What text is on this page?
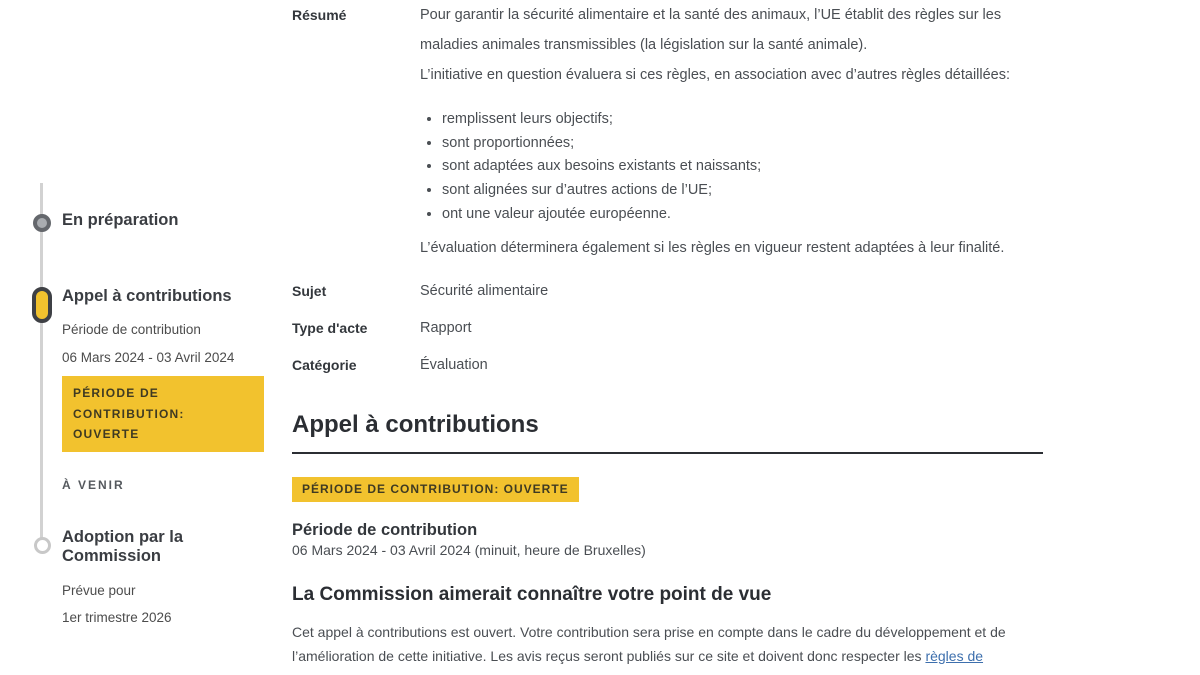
En préparation
Appel à contributions
Période de contribution
06 Mars 2024 - 03 Avril 2024
PÉRIODE DE CONTRIBUTION: OUVERTE
À VENIR
Adoption par la Commission
Prévue pour
1er trimestre 2026
Résumé	Pour garantir la sécurité alimentaire et la santé des animaux, l’UE établit des règles sur les maladies animales transmissibles (la législation sur la santé animale).

L’initiative en question évaluera si ces règles, en association avec d’autres règles détaillées:

• remplissent leurs objectifs;
• sont proportionnées;
• sont adaptées aux besoins existants et naissants;
• sont alignées sur d’autres actions de l’UE;
• ont une valeur ajoutée européenne.

L’évaluation déterminera également si les règles en vigueur restent adaptées à leur finalité.

Sujet	Sécurité alimentaire
Type d'acte	Rapport
Catégorie	Évaluation
Appel à contributions
PÉRIODE DE CONTRIBUTION: OUVERTE
Période de contribution
06 Mars 2024 - 03 Avril 2024 (minuit, heure de Bruxelles)
La Commission aimerait connaître votre point de vue

Cet appel à contributions est ouvert. Votre contribution sera prise en compte dans le cadre du développement et de l’amélioration de cette initiative. Les avis reçus seront publiés sur ce site et doivent donc respecter les règles de
